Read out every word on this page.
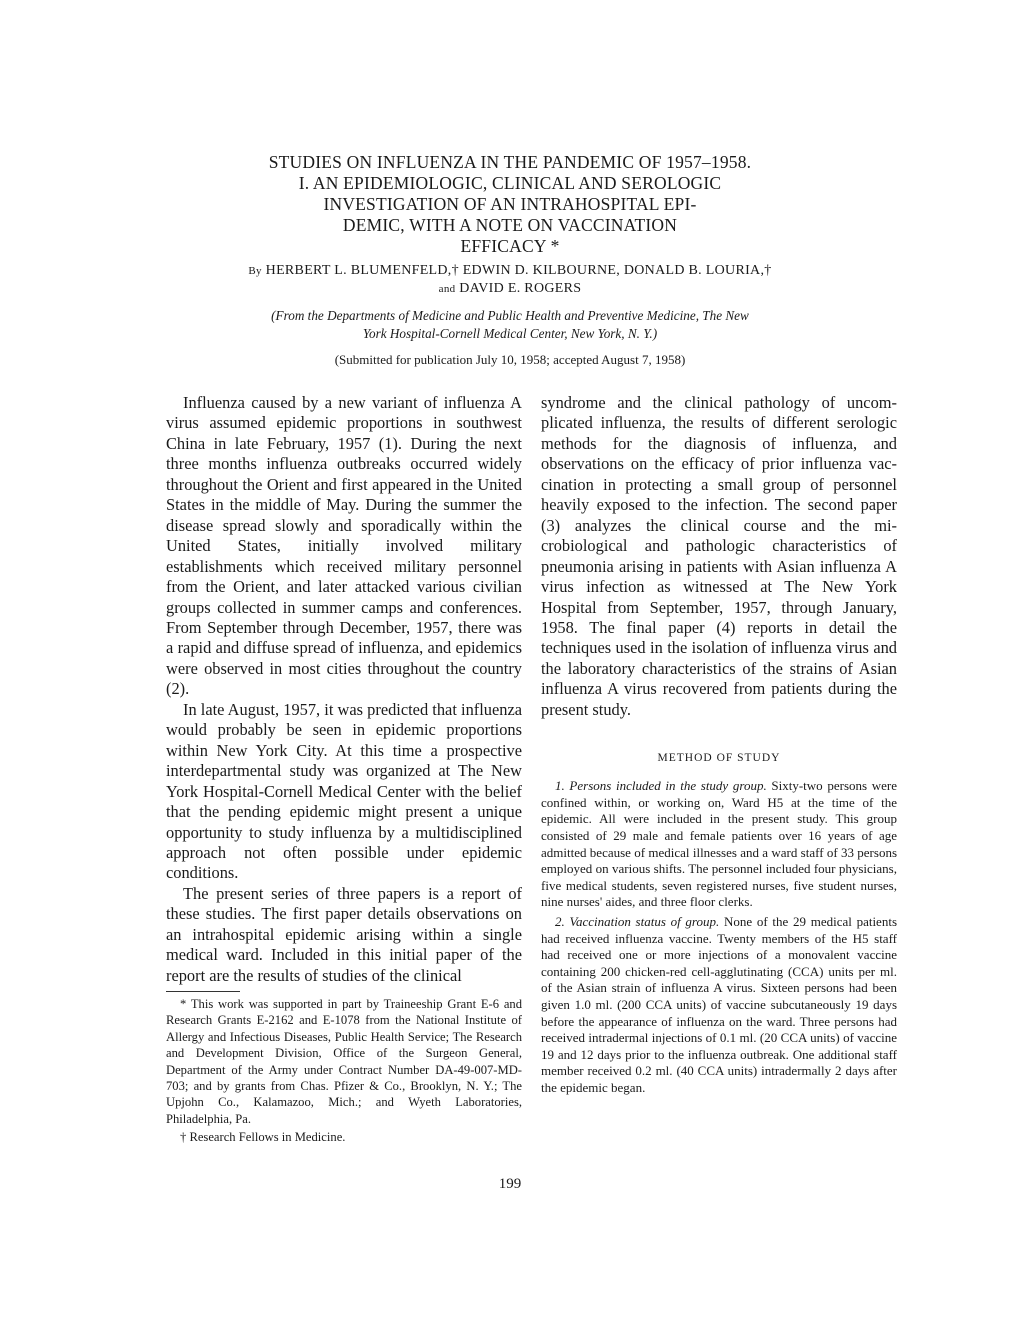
STUDIES ON INFLUENZA IN THE PANDEMIC OF 1957–1958.
I. AN EPIDEMIOLOGIC, CLINICAL AND SEROLOGIC
INVESTIGATION OF AN INTRAHOSPITAL EPI-
DEMIC, WITH A NOTE ON VACCINATION
EFFICACY *
By HERBERT L. BLUMENFELD,† EDWIN D. KILBOURNE, DONALD B. LOURIA,†
and DAVID E. ROGERS
(From the Departments of Medicine and Public Health and Preventive Medicine, The New
York Hospital-Cornell Medical Center, New York, N. Y.)
(Submitted for publication July 10, 1958; accepted August 7, 1958)

Influenza caused by a new variant of influenza A virus assumed epidemic proportions in southwest China in late February, 1957 (1). During the next three months influenza outbreaks occurred widely throughout the Orient and first appeared in the United States in the middle of May. During the summer the disease spread slowly and sporadically within the United States, initially involved military establishments which received military personnel from the Orient, and later attacked various civilian groups collected in summer camps and conferences. From September through December, 1957, there was a rapid and diffuse spread of influenza, and epidemics were observed in most cities throughout the country (2).

In late August, 1957, it was predicted that influenza would probably be seen in epidemic proportions within New York City. At this time a prospective interdepartmental study was organized at The New York Hospital-Cornell Medical Center with the belief that the pending epidemic might present a unique opportunity to study influenza by a multidisciplined approach not often possible under epidemic conditions.

The present series of three papers is a report of these studies. The first paper details observations on an intrahospital epidemic arising within a single medical ward. Included in this initial paper of the report are the results of studies of the clinical

syndrome and the clinical pathology of uncomplicated influenza, the results of different serologic methods for the diagnosis of influenza, and observations on the efficacy of prior influenza vaccination in protecting a small group of personnel heavily exposed to the infection. The second paper (3) analyzes the clinical course and the microbiological and pathologic characteristics of pneumonia arising in patients with Asian influenza A virus infection as witnessed at The New York Hospital from September, 1957, through January, 1958. The final paper (4) reports in detail the techniques used in the isolation of influenza virus and the laboratory characteristics of the strains of Asian influenza A virus recovered from patients during the present study.

METHOD OF STUDY

1. Persons included in the study group. Sixty-two persons were confined within, or working on, Ward H5 at the time of the epidemic. All were included in the present study. This group consisted of 29 male and female patients over 16 years of age admitted because of medical illnesses and a ward staff of 33 persons employed on various shifts. The personnel included four physicians, five medical students, seven registered nurses, five student nurses, nine nurses' aides, and three floor clerks.

2. Vaccination status of group. None of the 29 medical patients had received influenza vaccine. Twenty members of the H5 staff had received one or more injections of a monovalent vaccine containing 200 chicken-red cell-agglutinating (CCA) units per ml. of the Asian strain of influenza A virus. Sixteen persons had been given 1.0 ml. (200 CCA units) of vaccine subcutaneously 19 days before the appearance of influenza on the ward. Three persons had received intradermal injections of 0.1 ml. (20 CCA units) of vaccine 19 and 12 days prior to the influenza outbreak. One additional staff member received 0.2 ml. (40 CCA units) intradermally 2 days after the epidemic began.

* This work was supported in part by Traineeship Grant E-6 and Research Grants E-2162 and E-1078 from the National Institute of Allergy and Infectious Diseases, Public Health Service; The Research and Development Division, Office of the Surgeon General, Department of the Army under Contract Number DA-49-007-MD-703; and by grants from Chas. Pfizer & Co., Brooklyn, N. Y.; The Upjohn Co., Kalamazoo, Mich.; and Wyeth Laboratories, Philadelphia, Pa.

† Research Fellows in Medicine.

199
